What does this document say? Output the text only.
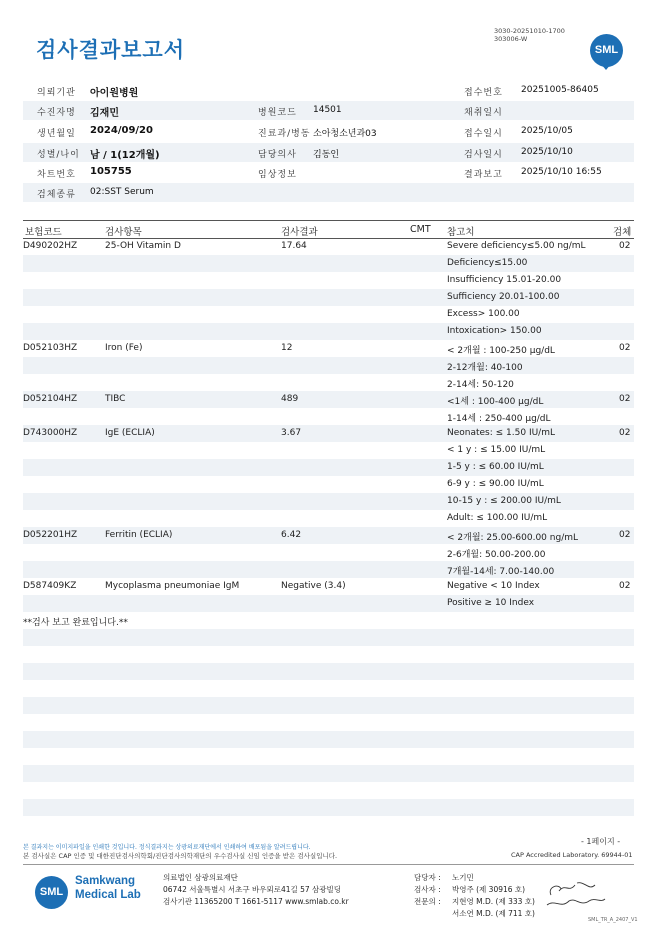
검사결과보고서
3030-20251010-1700
303006-W
SML
의뢰기관 아이원병원	접수번호 20251005-86405
수진자명 김재민	병원코드 14501	채취일시
생년월일 2024/09/20	진료과/병동 소아청소년과03	접수일시 2025/10/05
성별/나이 남 / 1(12개월)	담당의사 김동인	검사일시 2025/10/10
차트번호 105755	임상정보	결과보고 2025/10/10 16:55
검체종류 02:SST Serum
보험코드	검사항목	검사결과	CMT 참고치	검체
D490202HZ	25-OH Vitamin D	17.64	Severe deficiency≤5.00 ng/mL	02
Deficiency≤15.00
Insufficiency 15.01-20.00
Sufficiency 20.01-100.00
Excess> 100.00
Intoxication> 150.00
D052103HZ	Iron (Fe)	12	< 2개월 : 100-250 μg/dL	02
2-12개월: 40-100
2-14세: 50-120
D052104HZ	TIBC	489	<1세 : 100-400 μg/dL	02
1-14세 : 250-400 μg/dL
D743000HZ	IgE (ECLIA)	3.67	Neonates: ≤ 1.50 IU/mL	02
< 1 y : ≤ 15.00 IU/mL
1-5 y : ≤ 60.00 IU/mL
6-9 y : ≤ 90.00 IU/mL
10-15 y : ≤ 200.00 IU/mL
Adult: ≤ 100.00 IU/mL
D052201HZ	Ferritin (ECLIA)	6.42	< 2개월: 25.00-600.00 ng/mL	02
2-6개월: 50.00-200.00
7개월-14세: 7.00-140.00
D587409KZ	Mycoplasma pneumoniae IgM	Negative (3.4)	Negative < 10 Index	02
Positive ≥ 10 Index
**검사 보고 완료입니다.**
본 결과지는 이미지파일을 인쇄한 것입니다. 정식결과지는 상광의료재단에서 인쇄하여 배포됨을 알려드립니다.
본 검사실은 CAP 인증 및 대한진단검사의학회/진단검사의학재단의 우수검사실 신임 인증을 받은 검사실입니다.
- 1페이지 -
CAP Accredited Laboratory. 69944-01
SML
Samkwang
Medical Lab
의료법인 삼광의료재단
06742 서울특별시 서초구 바우뫼로41길 57 삼광빌딩
검사기관 11365200 T 1661-5117 www.smlab.co.kr
담당자 : 노기민
검사자 : 박영주 (제 30916 호)
전문의 : 지현영 M.D. (제 333 호)
서소연 M.D. (제 711 호)
SML_TR_A_2407_V1
